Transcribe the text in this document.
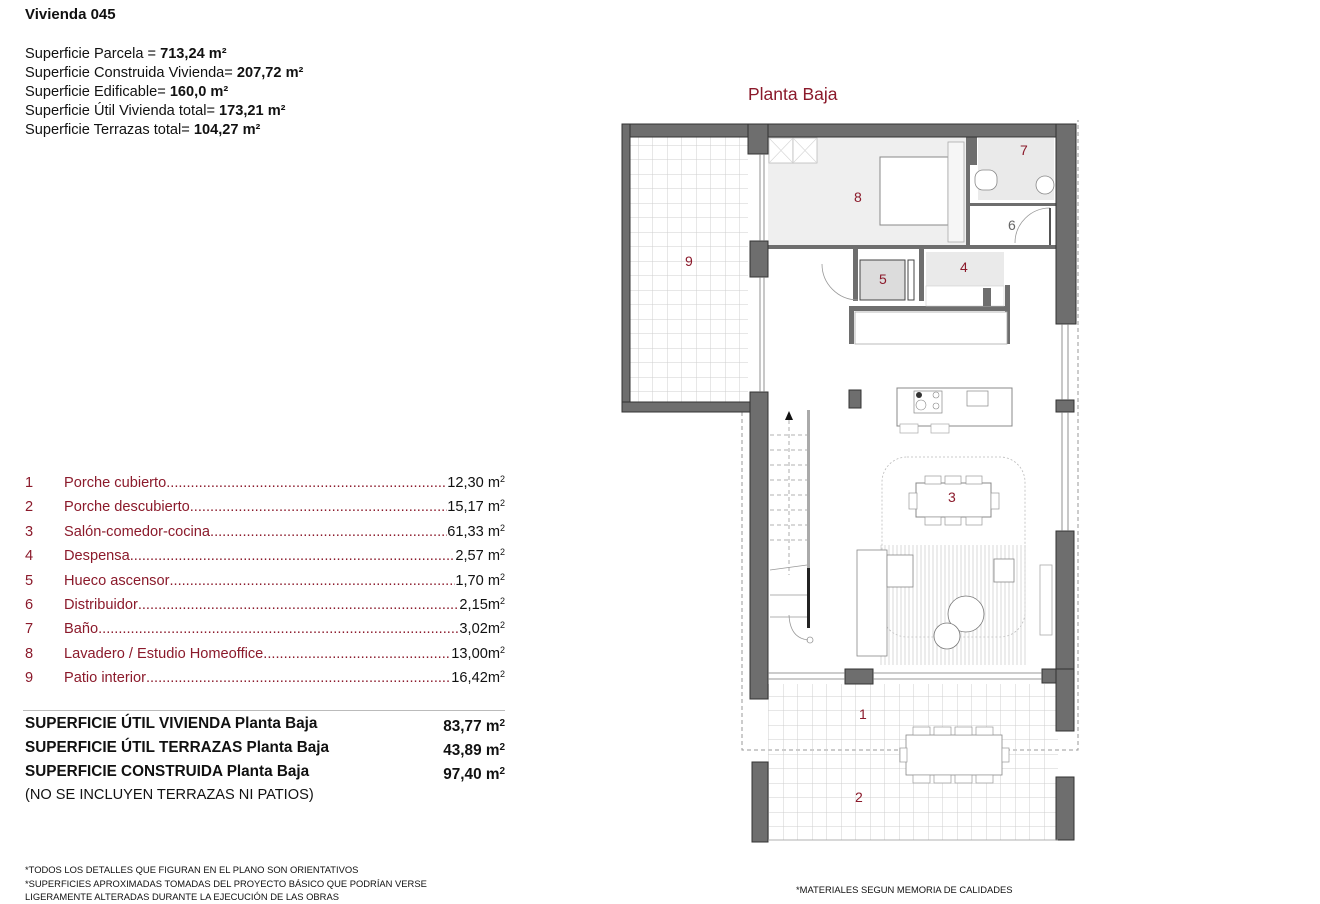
Vivienda 045
Superficie Parcela = 713,24 m²
Superficie Construida Vivienda= 207,72 m²
Superficie Edificable= 160,0 m²
Superficie Útil Vivienda total= 173,21 m²
Superficie Terrazas total= 104,27 m²
1	Porche cubierto .....	12,30 $m^2$
2	Porche descubierto .....	15,17 $m^2$
3	Salón-comedor-cocina .....	61,33 $m^2$
4	Despensa .....	2,57 $m^2$
5	Hueco ascensor .....	1,70 $m^2$
6	Distribuidor .....	$2,15m^2$
7	Baño .....	$3,02m^2$
8	Lavadero / Estudio Homeoffice .....	$13,00m^2$
9	Patio interior .....	$16,42m^2$
SUPERFICIE ÚTIL VIVIENDA Planta Baja	83,77 $m^2$
SUPERFICIE ÚTIL TERRAZAS Planta Baja	43,89 $m^2$
SUPERFICIE CONSTRUIDA Planta Baja	97,40 $m^2$
(NO SE INCLUYEN TERRAZAS NI PATIOS)
*TODOS LOS DETALLES QUE FIGURAN EN EL PLANO SON ORIENTATIVOS
*SUPERFICIES APROXIMADAS TOMADAS DEL PROYECTO BÁSICO QUE PODRÍAN VERSE
LIGERAMENTE ALTERADAS DURANTE LA EJECUCIÓN DE LAS OBRAS
*MATERIALES SEGUN MEMORIA DE CALIDADES
Planta Baja
1
2
3
4
5
6
7
8
9
